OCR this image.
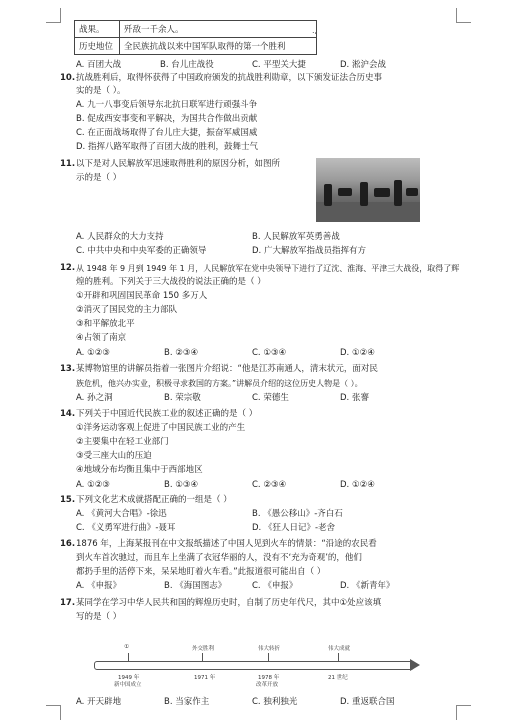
战果。	歼敌一千余人。
历史地位	全民族抗战以来中国军队取得的第一个胜利
.,
A. 百团大战	B. 台儿庄战役	C. 平型关大捷	D. 淞沪会战
10. 抗战胜利后，取得怀获得了中国政府颁发的抗战胜利勋章，以下颁发证法合历史事
实的是（ ）。
A. 九一八事变后领导东北抗日联军进行顽强斗争
B. 促成西安事变和平解决，为国共合作做出贡献
C. 在正面战场取得了台儿庄大捷，振奋军威国威
D. 指挥八路军取得了百团大战的胜利，鼓舞士气
11. 以下是对人民解放军迅速取得胜利的原因分析，如图所
示的是（ ）
A. 人民群众的大力支持	B. 人民解放军英勇善战
C. 中共中央和中央军委的正确领导	D. 广大解放军指战员指挥有方
12. 从 1948 年 9 月到 1949 年 1 月，人民解放军在党中央领导下进行了辽沈、淮海、平津三大战役，取得了辉
煌的胜利。下列关于三大战役的说法正确的是（ ）
①开辟和巩固国民革命 150 多万人
②消灭了国民党的主力部队
③和平解放北平
④占领了南京
A. ①②③	B. ②③④	C. ①③④	D. ①②④
13. 某博物馆里的讲解员指着一张图片介绍说：“他是江苏南通人，清末状元，面对民
族危机，他兴办实业，积极寻求救国的方案。”讲解员介绍的这位历史人物是（ ）。
A. 孙之洞	B. 荣宗敬	C. 荣德生	D. 张謇
14. 下列关于中国近代民族工业的叙述正确的是（ ）
①洋务运动客观上促进了中国民族工业的产生
②主要集中在轻工业部门
③受三座大山的压迫
④地域分布均衡且集中于西部地区
A. ①②③	B. ①③④	C. ②③④	D. ①②④
15. 下列文化艺术成就搭配正确的一组是（ ）
A. 《黄河大合唱》-徐迅	B. 《愚公移山》-齐白石
C. 《义勇军进行曲》-聂耳	D. 《狂人日记》-老舍
16. 1876 年，上海某报刊在中文报纸描述了中国人见到火车的情景：“沿途的农民看
到火车首次驰过，而且车上坐满了衣冠华丽的人，没有不‘充为奇观’的，他们
都扔手里的活停下来，呆呆地盯着火车看。”此报道很可能出自（ ）
A. 《申报》	B. 《海国图志》	C. 《申报》	D. 《新青年》
17. 某同学在学习中华人民共和国的辉煌历史时，自制了历史年代尺，其中①处应该填
写的是（ ）
①	外交胜利	伟大转折	伟大成就
1949 年
新中国成立
1971 年	1978 年
改革开放
21 世纪
A. 开天辟地	B. 当家作主	C. 独利独光	D. 重返联合国
